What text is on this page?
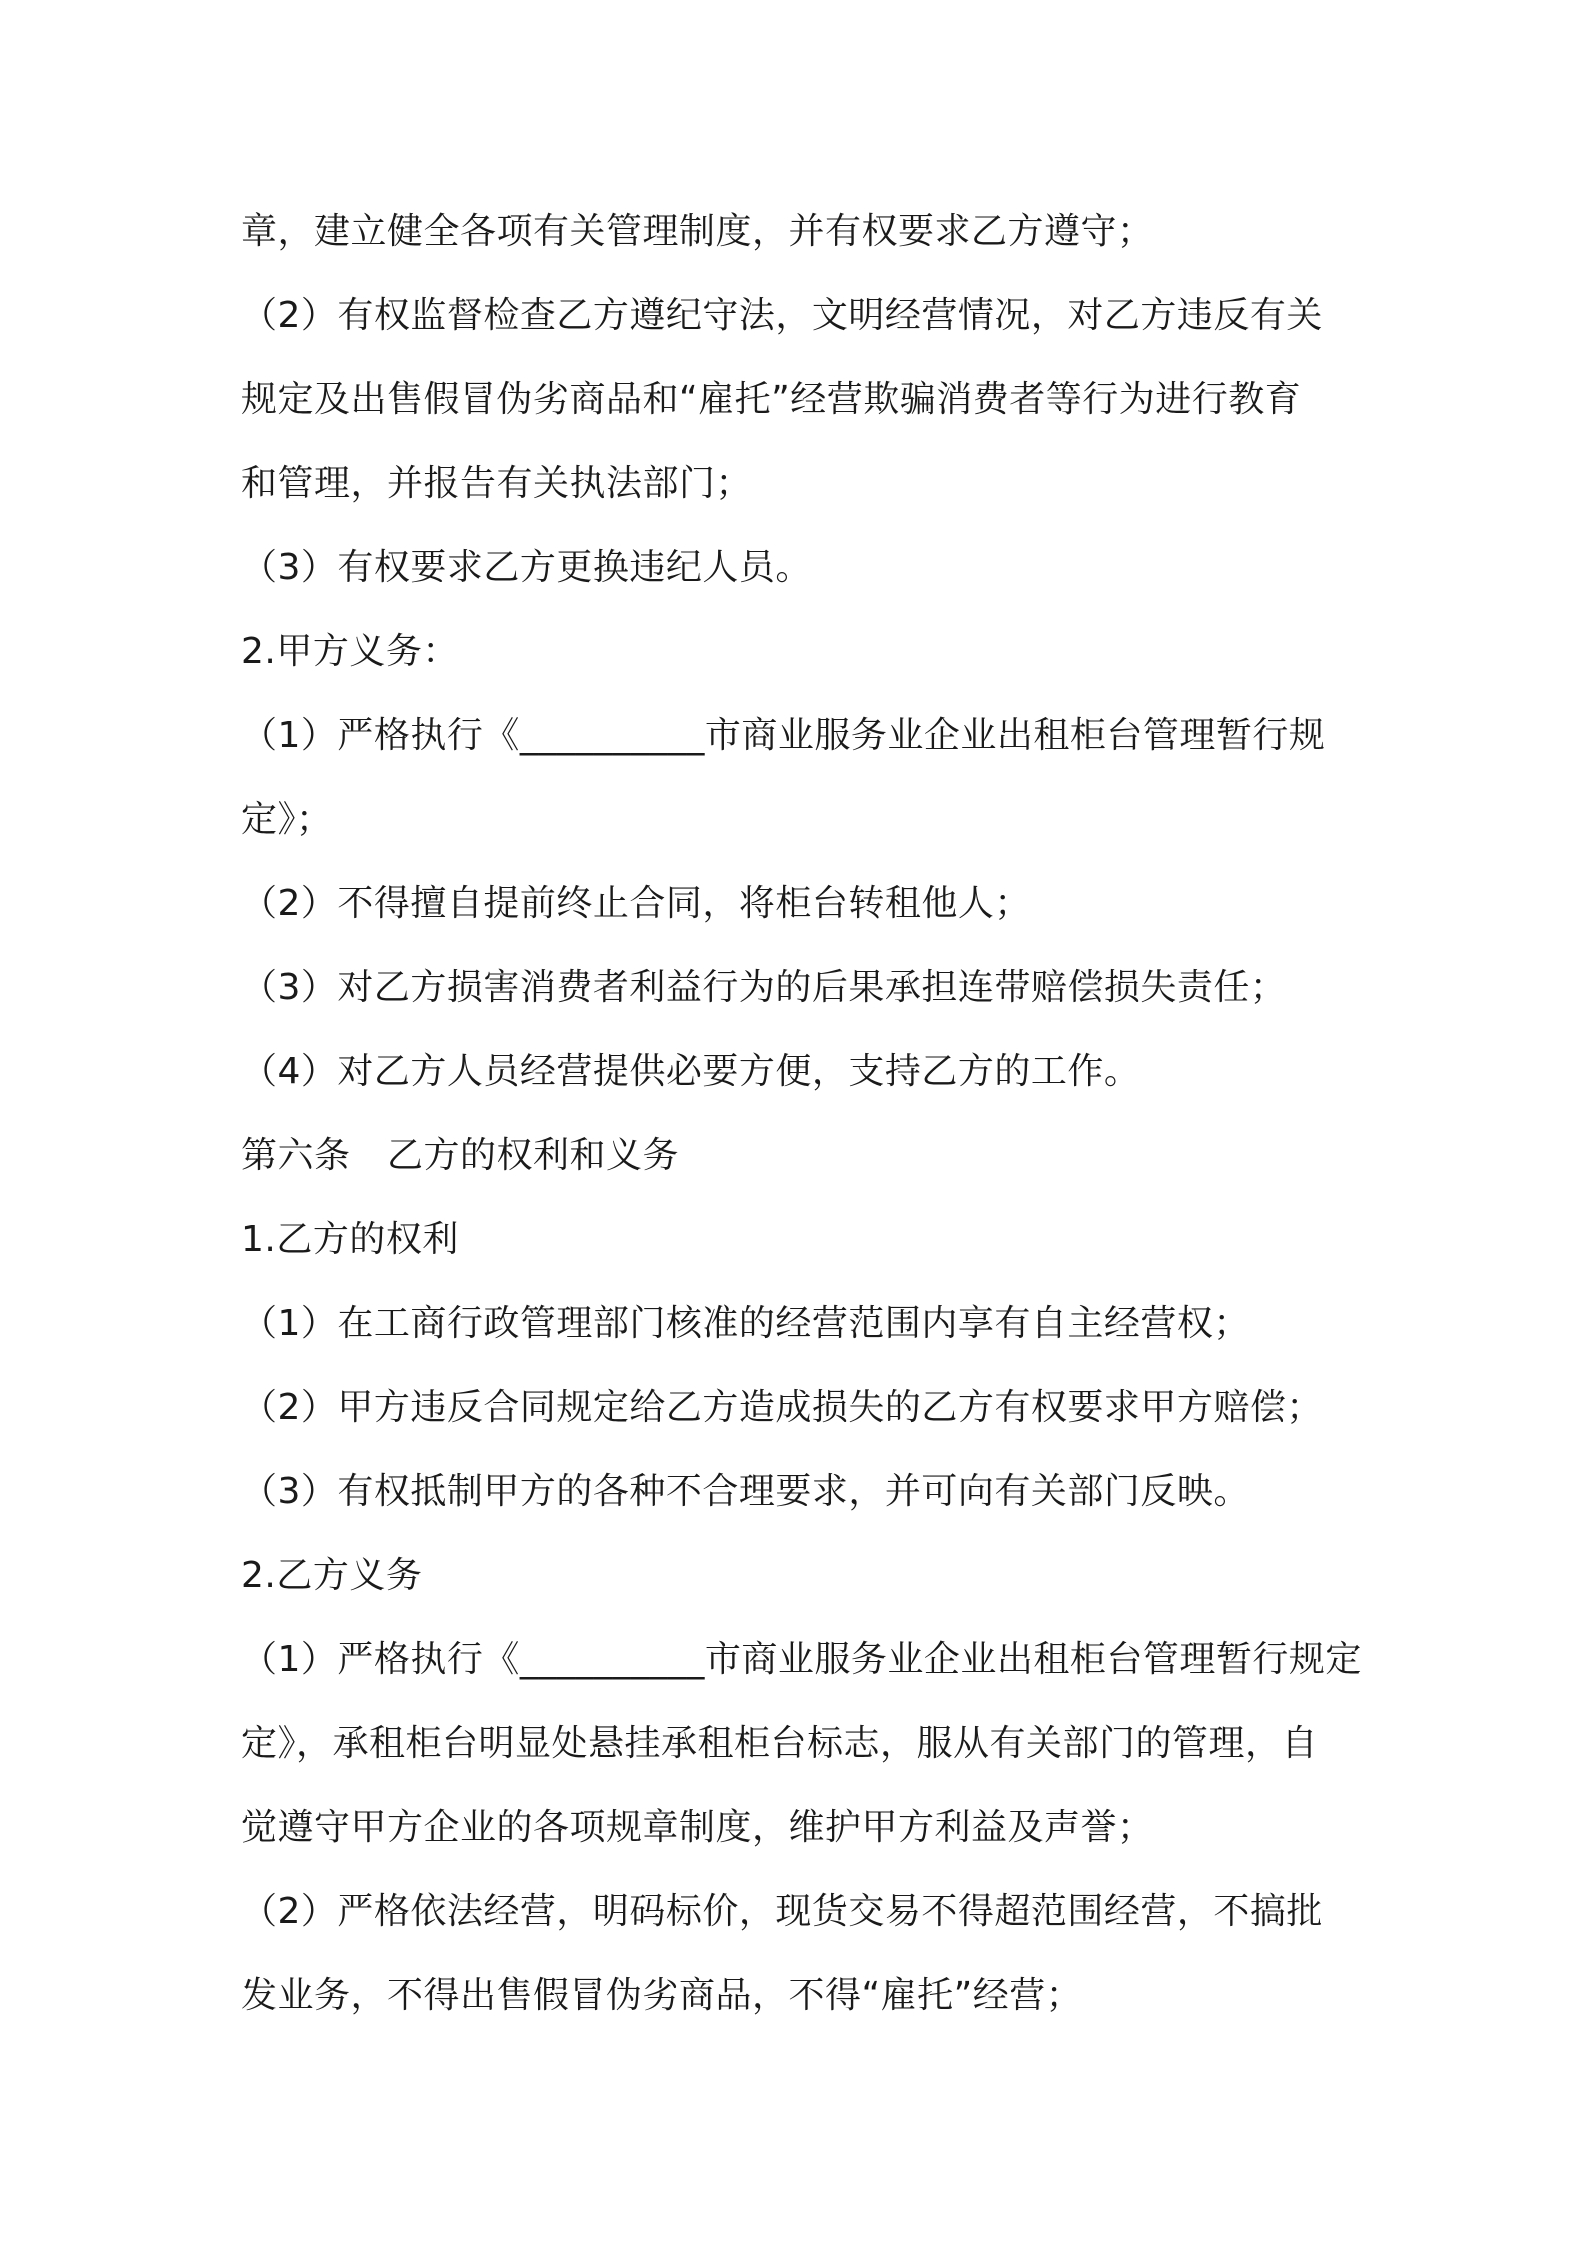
章，建立健全各项有关管理制度，并有权要求乙方遵守；
（2）有权监督检查乙方遵纪守法，文明经营情况，对乙方违反有关
规定及出售假冒伪劣商品和“雇托”经营欺骗消费者等行为进行教育
和管理，并报告有关执法部门；
（3）有权要求乙方更换违纪人员。
2.甲方义务：
（1）严格执行《__________市商业服务业企业出租柜台管理暂行规
定》；
（2）不得擅自提前终止合同，将柜台转租他人；
（3）对乙方损害消费者利益行为的后果承担连带赔偿损失责任；
（4）对乙方人员经营提供必要方便，支持乙方的工作。
第六条　乙方的权利和义务
1.乙方的权利
（1）在工商行政管理部门核准的经营范围内享有自主经营权；
（2）甲方违反合同规定给乙方造成损失的乙方有权要求甲方赔偿；
（3）有权抵制甲方的各种不合理要求，并可向有关部门反映。
2.乙方义务
（1）严格执行《__________市商业服务业企业出租柜台管理暂行规定
定》，承租柜台明显处悬挂承租柜台标志，服从有关部门的管理，自
觉遵守甲方企业的各项规章制度，维护甲方利益及声誉；
（2）严格依法经营，明码标价，现货交易不得超范围经营，不搞批
发业务，不得出售假冒伪劣商品，不得“雇托”经营；
